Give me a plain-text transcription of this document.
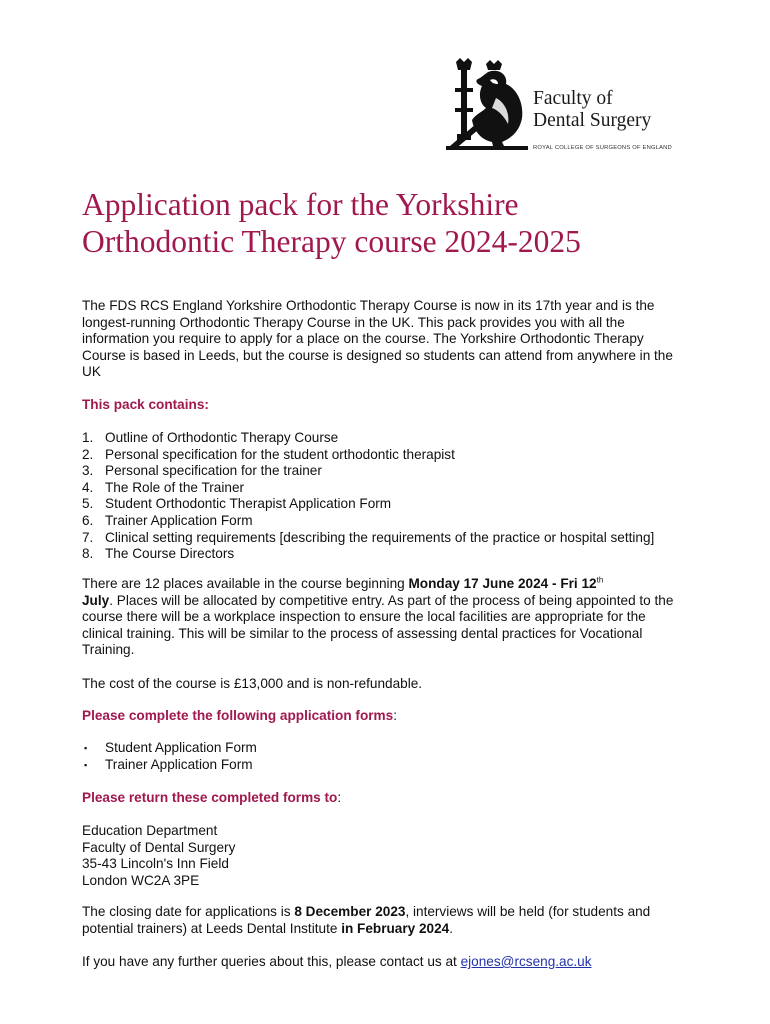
Faculty of
Dental Surgery
ROYAL COLLEGE OF SURGEONS OF ENGLAND
Application pack for the Yorkshire
Orthodontic Therapy course 2024-2025

The FDS RCS England Yorkshire Orthodontic Therapy Course is now in its 17th year and is the longest-running Orthodontic Therapy Course in the UK. This pack provides you with all the information you require to apply for a place on the course. The Yorkshire Orthodontic Therapy Course is based in Leeds, but the course is designed so students can attend from anywhere in the UK

This pack contains:

1. Outline of Orthodontic Therapy Course
2. Personal specification for the student orthodontic therapist
3. Personal specification for the trainer
4. The Role of the Trainer
5. Student Orthodontic Therapist Application Form
6. Trainer Application Form
7. Clinical setting requirements [describing the requirements of the practice or hospital setting]
8. The Course Directors

There are 12 places available in the course beginning Monday 17 June 2024 - Fri 12th
July. Places will be allocated by competitive entry. As part of the process of being appointed to the course there will be a workplace inspection to ensure the local facilities are appropriate for the clinical training. This will be similar to the process of assessing dental practices for Vocational Training.

The cost of the course is £13,000 and is non-refundable.

Please complete the following application forms:

▪ Student Application Form
▪ Trainer Application Form

Please return these completed forms to:

Education Department
Faculty of Dental Surgery
35-43 Lincoln's Inn Field
London WC2A 3PE

The closing date for applications is 8 December 2023, interviews will be held (for students and potential trainers) at Leeds Dental Institute in February 2024.

If you have any further queries about this, please contact us at ejones@rcseng.ac.uk
